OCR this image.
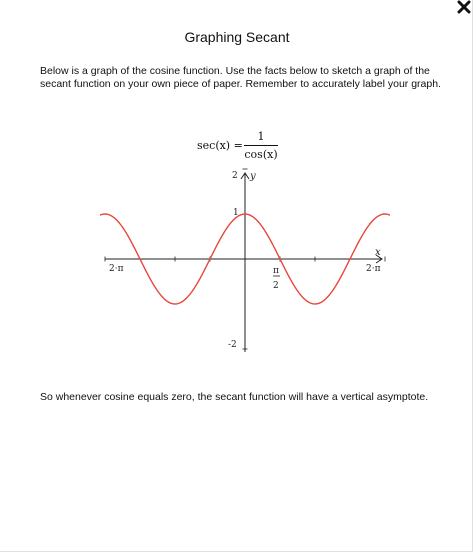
Graphing Secant
Below is a graph of the cosine function. Use the facts below to sketch a graph of the secant function on your own piece of paper. Remember to accurately label your graph.
sec(x) =
1
cos(x)
y
x
2
1
-2
2·π	2·π
π
2
So whenever cosine equals zero, the secant function will have a vertical asymptote.
